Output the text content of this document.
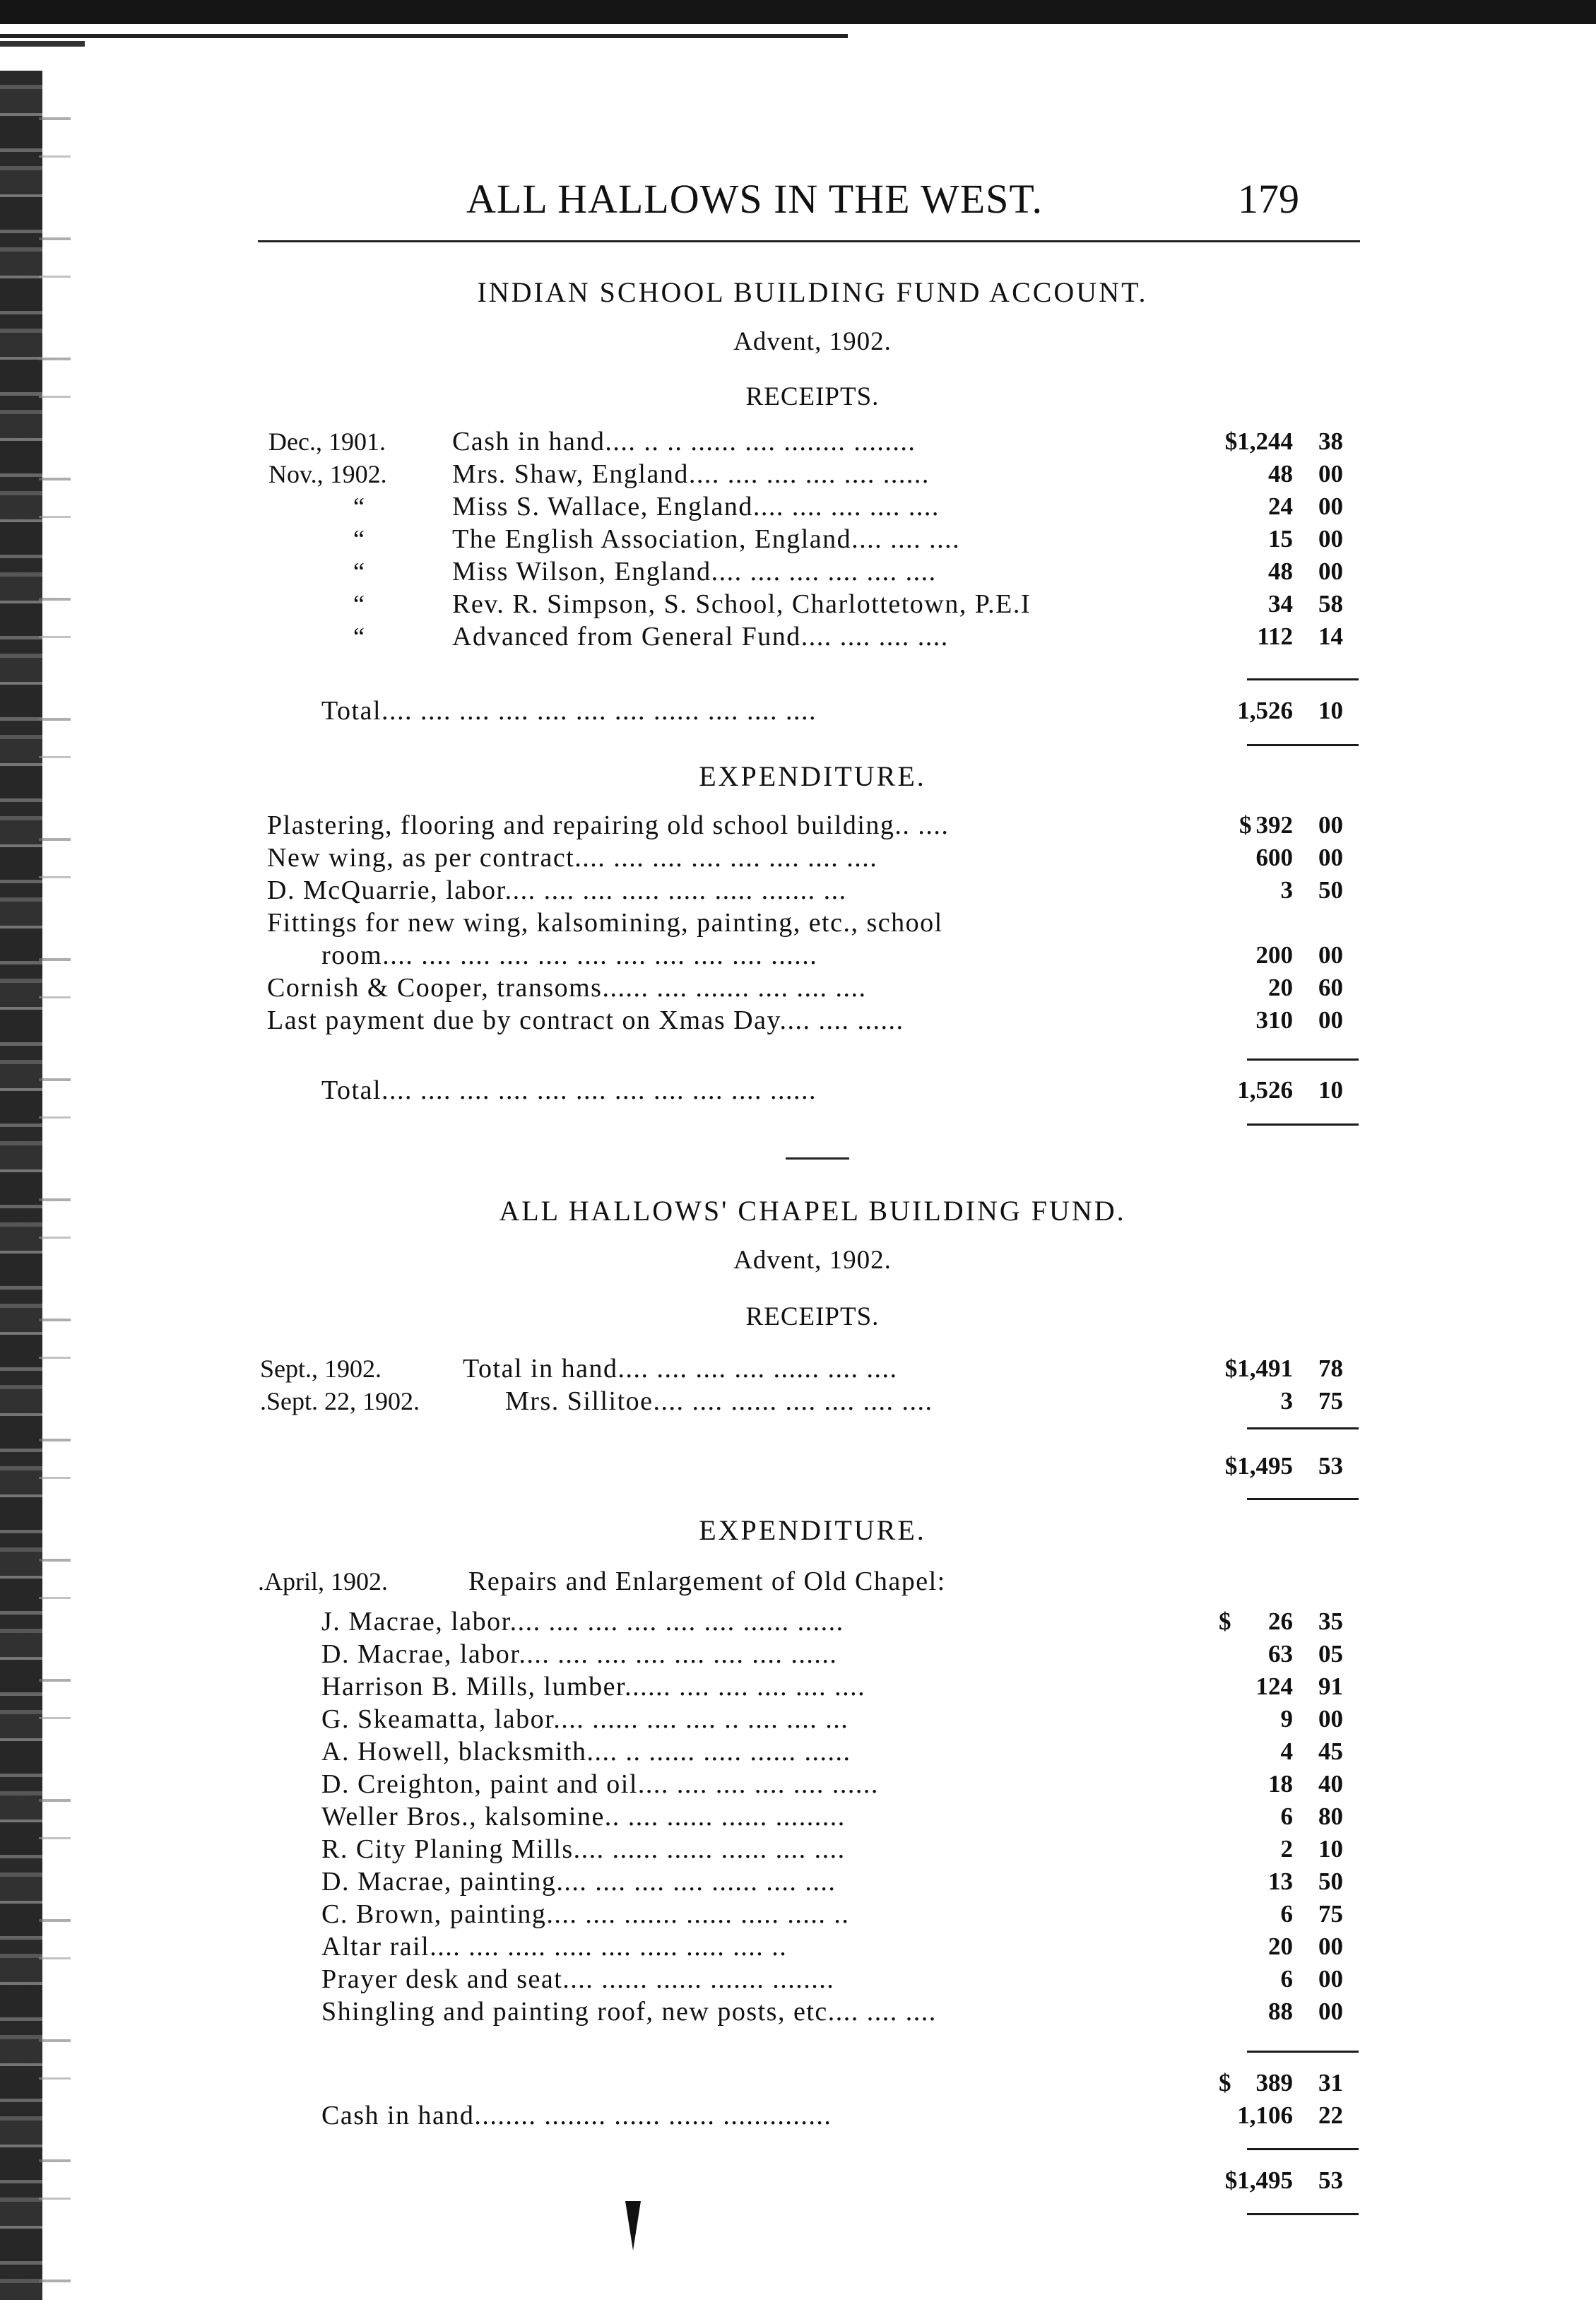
ALL HALLOWS IN THE WEST.	179
INDIAN SCHOOL BUILDING FUND ACCOUNT.
Advent, 1902.
RECEIPTS.
Dec., 1901. Cash in hand.... .. .. ...... .... ........ ........	$1,244	38
Nov., 1902. Mrs. Shaw, England.... .... .... .... .... ......	48	00
“	Miss S. Wallace, England.... .... .... .... ....	24	00
“	The English Association, England.... .... ....	15	00
“	Miss Wilson, England.... .... .... .... .... ....	48	00
“	Rev. R. Simpson, S. School, Charlottetown, P.E.I	34	58
“	Advanced from General Fund.... .... .... ....	112	14
Total.... .... .... .... .... .... .... ...... .... .... ....	1,526	10
EXPENDITURE.
Plastering, flooring and repairing old school building.. ....	$ 392	00
New wing, as per contract.... .... .... .... .... .... .... ....	600	00
D. McQuarrie, labor.... .... .... ..... ..... ..... ....... ...	3	50
Fittings for new wing, kalsomining, painting, etc., school
room.... .... .... .... .... .... .... .... .... .... ......	200	00
Cornish & Cooper, transoms...... .... ....... .... .... ....	20	60
Last payment due by contract on Xmas Day.... .... ......	310	00
Total.... .... .... .... .... .... .... .... .... .... ......	1,526	10
ALL HALLOWS' CHAPEL BUILDING FUND.
Advent, 1902.
RECEIPTS.
Sept., 1902.	Total in hand.... .... .... .... ...... .... ....	$1,491	78
.Sept. 22, 1902.	Mrs. Sillitoe.... .... ...... .... .... .... ....	3	75
$1,495	53
EXPENDITURE.
.April, 1902.	Repairs and Enlargement of Old Chapel:
J. Macrae, labor.... .... .... .... .... .... ...... ......	$	26	35
D. Macrae, labor.... .... .... .... .... .... .... ......	63	05
Harrison B. Mills, lumber...... .... .... .... .... ....	124	91
G. Skeamatta, labor.... ...... .... .... .. .... .... ...	9	00
A. Howell, blacksmith.... .. ...... ..... ...... ......	4	45
D. Creighton, paint and oil.... .... .... .... .... ......	18	40
Weller Bros., kalsomine.. .... ...... ...... .........	6	80
R. City Planing Mills.... ...... ...... ...... .... ....	2	10
D. Macrae, painting.... .... .... .... ...... .... ....	13	50
C. Brown, painting.... .... ....... ...... ..... ..... ..	6	75
Altar rail.... .... ..... ..... .... ..... ..... .... ..	20	00
Prayer desk and seat.... ...... ...... ....... ........	6	00
Shingling and painting roof, new posts, etc.... .... ....	88	00
$	389	31
Cash in hand........ ........ ...... ...... ..............	1,106	22
$1,495	53
